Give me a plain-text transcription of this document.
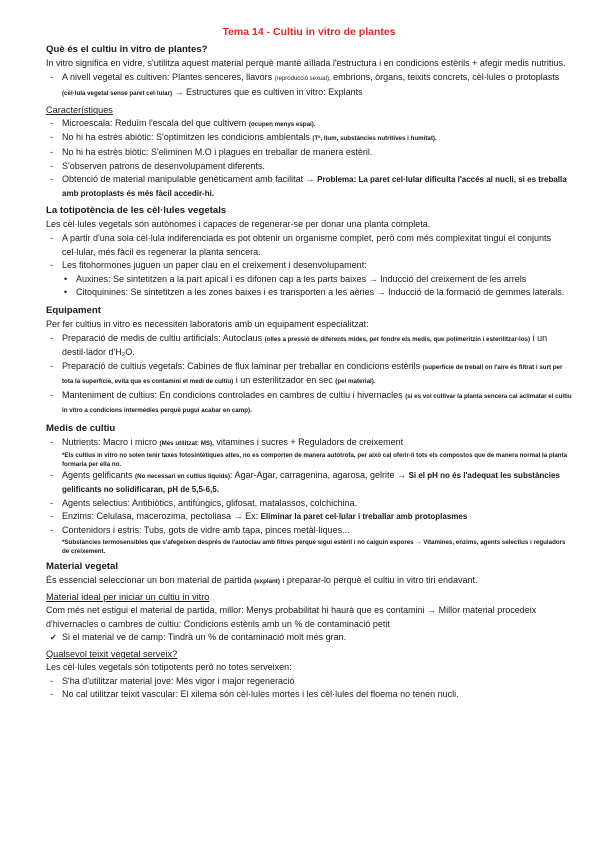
Tema 14 - Cultiu in vitro de plantes
Què és el cultiu in vitro de plantes?

In vitro significa en vidre, s'utilitza aquest material perquè manté aïllada l'estructura i en condicions estèrils + afegir medis nutritius.

- A nivell vegetal es cultiven: Plantes senceres, llavors (reproducció sexual), embrions, òrgans, teixits concrets, cèl·lules o protoplasts (cèl·lula vegetal sense paret cel·lular) → Estructures que es cultiven in vitro: Explants
Característiques
- Microescala: Reduïm l'escala del que cultivem (ocupen menys espai).
- No hi ha estrès abiòtic: S'optimitzen les condicions ambientals (Tª, llum, substàncies nutritives i humitat).
- No hi ha estrès biòtic: S'eliminen M.O i plagues en treballar de manera estèril.
- S'observen patrons de desenvolupament diferents.
- Obtenció de material manipulable genèticament amb facilitat → Problema: La paret cel·lular dificulta l'accés al nucli, si es treballa amb protoplasts és més fàcil accedir-hi.
La totipotència de les cèl·lules vegetals

Les cèl·lules vegetals són autònomes i capaces de regenerar-se per donar una planta completa.

- A partir d'una sola cèl·lula indiferenciada es pot obtenir un organisme complet, però com més complexitat tingui el conjunts cel·lular, més fàcil es regenerar la planta sencera.
- Les fitohormones juguen un paper clau en el creixement i desenvolupament:
• Auxines: Se sintetitzen a la part apical i es difonen cap a les parts baixes → Inducció del creixement de les arrels
• Citoquinines: Se sintetitzen a les zones baixes i es transporten a les aèries → Inducció de la formació de gemmes laterals.
Equipament

Per fer cultius in vitro es necessiten laboratoris amb un equipament especialitzat:

- Preparació de medis de cultiu artificials: Autoclaus (olles a pressió de diferents mides, per fondre els medis, que polimeritzin i esterilitzar-los) i un destil·lador d'H₂O.
- Preparació de cultius vegetals: Cabines de flux laminar per treballar en condicions estèrils (superfície de treball on l'aire és filtrat i surt per tota la superfície, evita que es contamini el medi de cultiu) i un esterilitzador en sec (pel material).
- Manteniment de cultius: En condicions controlades en cambres de cultiu i hivernacles (si es vol cultivar la planta sencera cal aclimatar el cultiu in vitro a condicions intermèdies perquè pugui acabar en camp).
Medis de cultiu
- Nutrients: Macro i micro (Més utilitzat: MS), vitamines i sucres + Reguladors de creixement
*Els cultius in vitro no solen tenir taxes fotosintètiques altes, no es comporten de manera autòtrofa, per això cal oferir-li tots els compostos que de manera normal la planta formaria per ella no.
- Agents gelificants (No necessari en cultius líquids): Agar-Agar, carragenina, agarosa, gelrite → Si el pH no és l'adequat les substàncies gelificants no solidificaran, pH de 5,5-6,5.
- Agents selectius: Antibiòtics, antifúngics, glifosat, matalassos, colchichina.
- Enzims: Celulasa, macerozima, pectoliasa → Ex: Eliminar la paret cel·lular i treballar amb protoplasmes
- Contenidors i estris: Tubs, gots de vidre amb tapa, pinces metàl·liques...
*Substàncies termosensibles que s'afegeixen després de l'autoclau amb filtres perquè sigui estèril i no caiguin espores → Vitamines, enzims, agents selectius i reguladors de creixement.
Material vegetal

És essencial seleccionar un bon material de partida (explant) i preparar-lo perquè el cultiu in vitro tiri endavant.

Material ideal per iniciar un cultiu in vitro

Com més net estigui el material de partida, millor: Menys probabilitat hi haurà que es contamini → Millor material procedeix d'hivernacles o cambres de cultiu: Condicions estèrils amb un % de contaminació petit

✔ Si el material ve de camp: Tindrà un % de contaminació molt més gran.
Qualsevol teixit vegetal serveix?

Les cèl·lules vegetals són totipotents però no totes serveixen:

- S'ha d'utilitzar material jove: Més vigor i major regeneració
- No cal utilitzar teixit vascular: El xilema són cèl·lules mortes i les cèl·lules del floema no tenen nucli.
